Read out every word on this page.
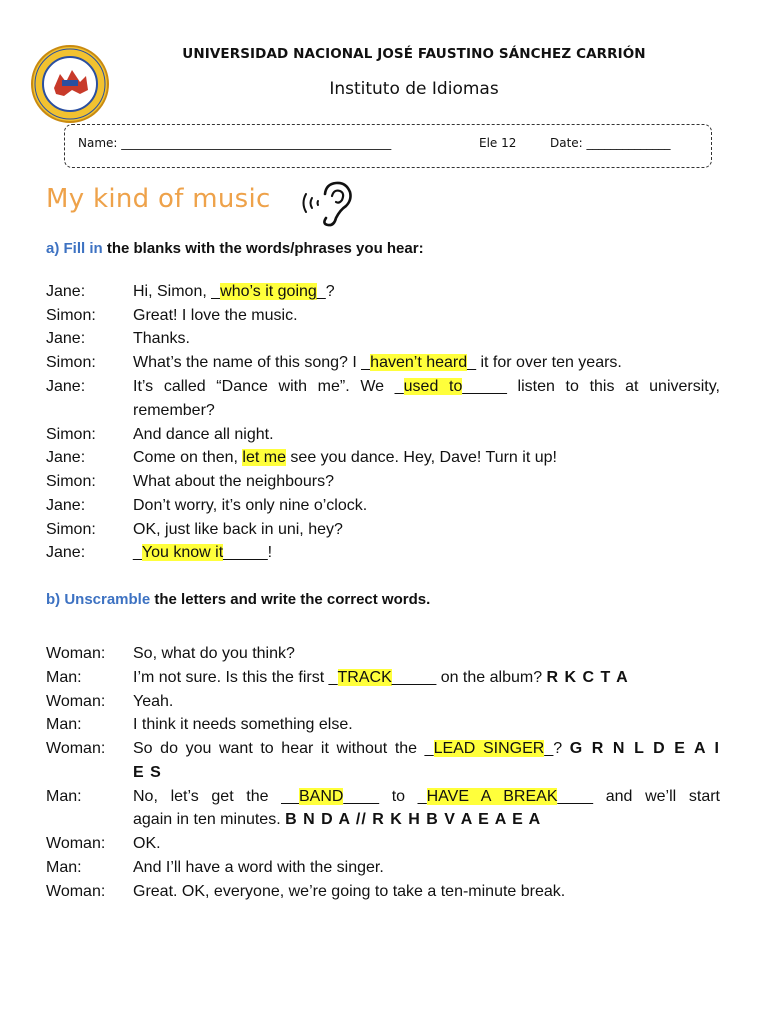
UNIVERSIDAD NACIONAL JOSÉ FAUSTINO SÁNCHEZ CARRIÓN
Instituto de Idiomas
Name: _____________________________________________	Ele 12	Date: ______________
My kind of music
a) Fill in the blanks with the words/phrases you hear:
Jane:	Hi, Simon, _who’s it going_?
Simon: Great! I love the music.
Jane:	Thanks.
Simon: What’s the name of this song? I _haven’t heard_ it for over ten years.
Jane:	It’s called “Dance with me”. We _used to_____ listen to this at university,
remember?
Simon: And dance all night.
Jane:	Come on then, let me see you dance. Hey, Dave! Turn it up!
Simon: What about the neighbours?
Jane:	Don’t worry, it’s only nine o’clock.
Simon: OK, just like back in uni, hey?
Jane:	_You know it_____!
b) Unscramble the letters and write the correct words.
Woman: So, what do you think?
Man:	I’m not sure. Is this the first _TRACK_____ on the album? R K C T A
Woman: Yeah.
Man:	I think it needs something else.
Woman: So do you want to hear it without the _LEAD SINGER_? G R N L D E A I
E S
Man:	No, let’s get the __BAND____ to _HAVE A BREAK____ and we’ll start
again in ten minutes. B N D A // R K H B V A E A E A
Woman: OK.
Man:	And I’ll have a word with the singer.
Woman: Great. OK, everyone, we’re going to take a ten-minute break.
